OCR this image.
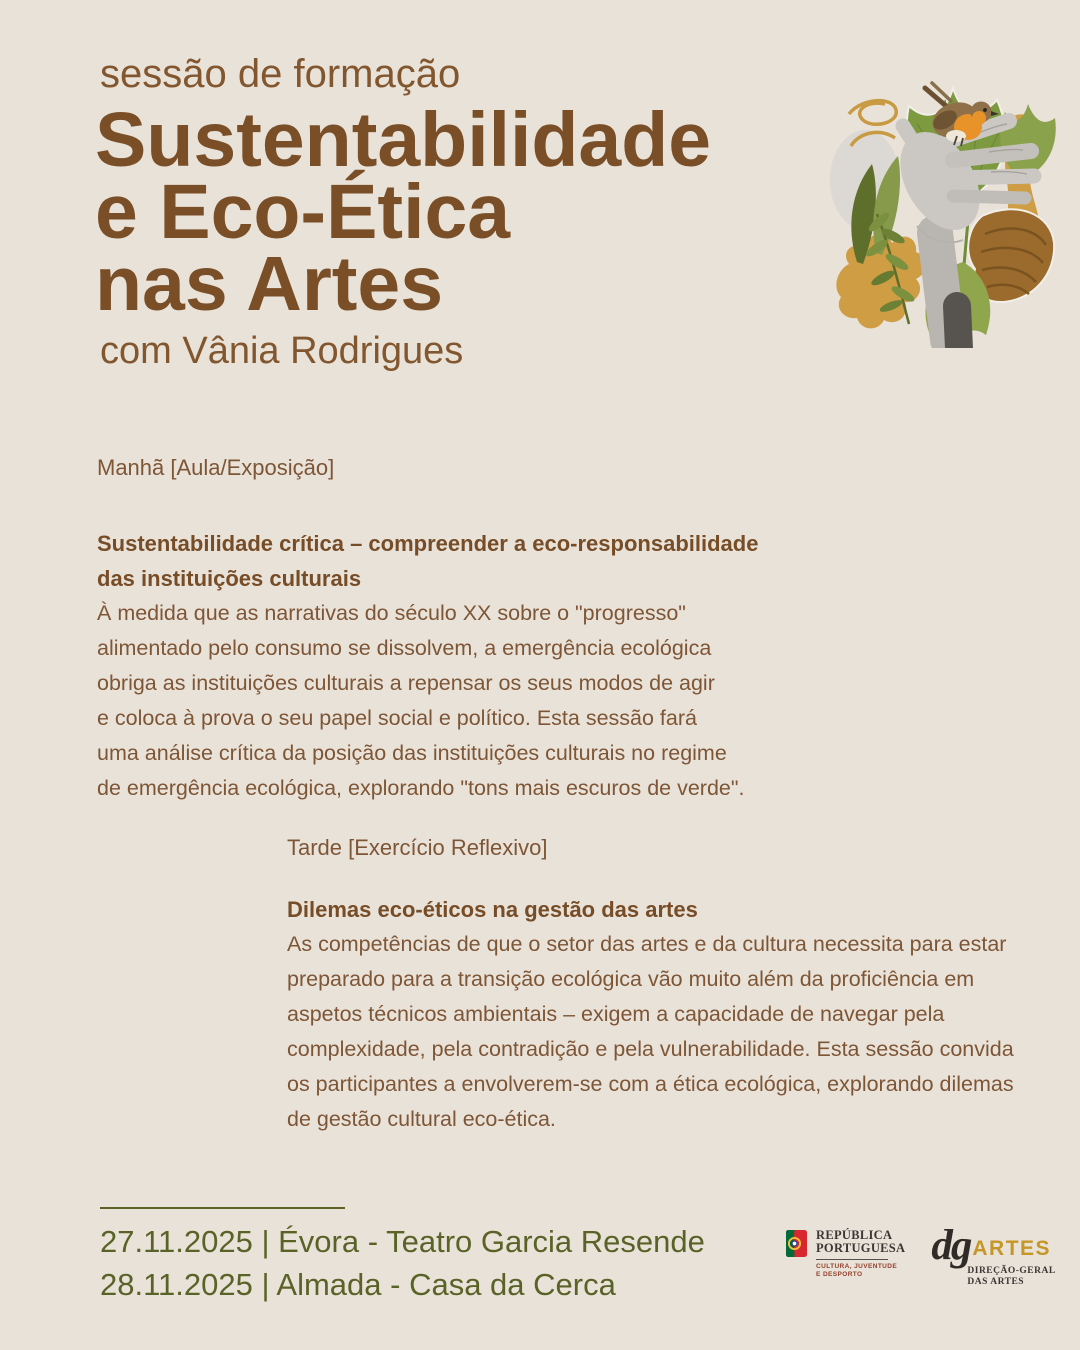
sessão de formação
Sustentabilidade
e Eco-Ética
nas Artes
com Vânia Rodrigues
Manhã [Aula/Exposição]
Sustentabilidade crítica – compreender a eco-responsabilidade
das instituições culturais
À medida que as narrativas do século XX sobre o "progresso"
alimentado pelo consumo se dissolvem, a emergência ecológica
obriga as instituições culturais a repensar os seus modos de agir
e coloca à prova o seu papel social e político. Esta sessão fará
uma análise crítica da posição das instituições culturais no regime
de emergência ecológica, explorando "tons mais escuros de verde".
Tarde [Exercício Reflexivo]
Dilemas eco-éticos na gestão das artes
As competências de que o setor das artes e da cultura necessita para estar
preparado para a transição ecológica vão muito além da proficiência em
aspetos técnicos ambientais – exigem a capacidade de navegar pela
complexidade, pela contradição e pela vulnerabilidade. Esta sessão convida
os participantes a envolverem-se com a ética ecológica, explorando dilemas
de gestão cultural eco-ética.
27.11.2025 | Évora - Teatro Garcia Resende
28.11.2025 | Almada - Casa da Cerca
REPÚBLICA
PORTUGUESA
CULTURA, JUVENTUDE
E DESPORTO
dg ARTES
DIREÇÃO-GERAL
DAS ARTES
